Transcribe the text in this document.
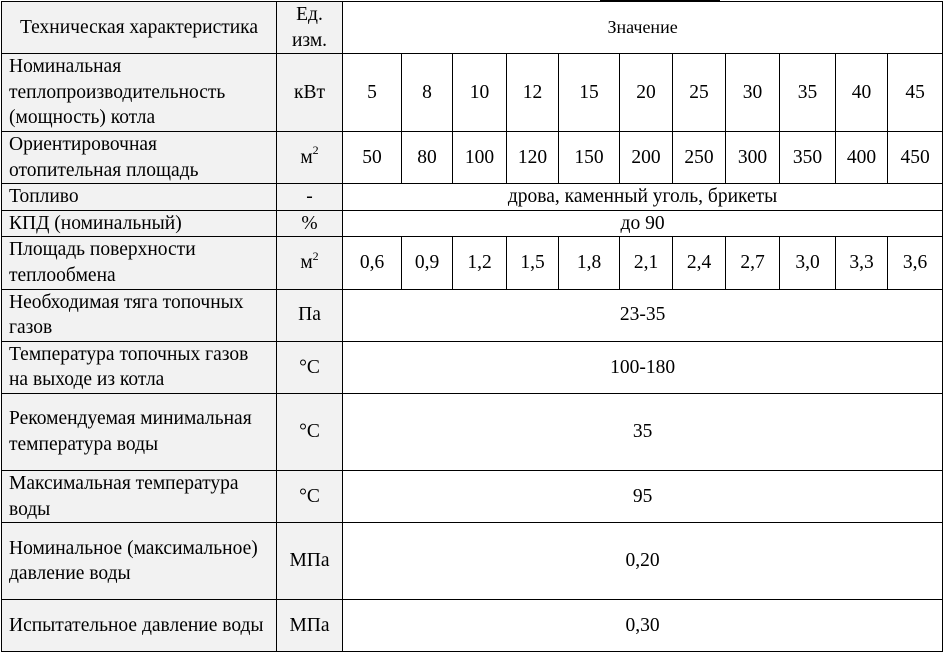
Техническая характеристика	Ед. изм.	Значение										
Номинальная теплопроизводительность (мощность) котла	кВт	5	8	10	12	15	20	25	30	35	40	45
Ориентировочная отопительная площадь	$м^2$	50	80	100	120	150	200	250	300	350	400	450
Топливо	-	дрова, каменный уголь, брикеты										
КПД (номинальный)	%	до 90										
Площадь поверхности теплообмена	$м^2$	0,6	0,9	1,2	1,5	1,8	2,1	2,4	2,7	3,0	3,3	3,6
Необходимая тяга топочных газов	Па	23-35										
Температура топочных газов на выходе из котла	°С	100-180										
Рекомендуемая минимальная температура воды	°С	35										
Максимальная температура воды	°С	95										
Номинальное (максимальное) давление воды	МПа	0,20										
Испытательное давление воды	МПа	0,30										
